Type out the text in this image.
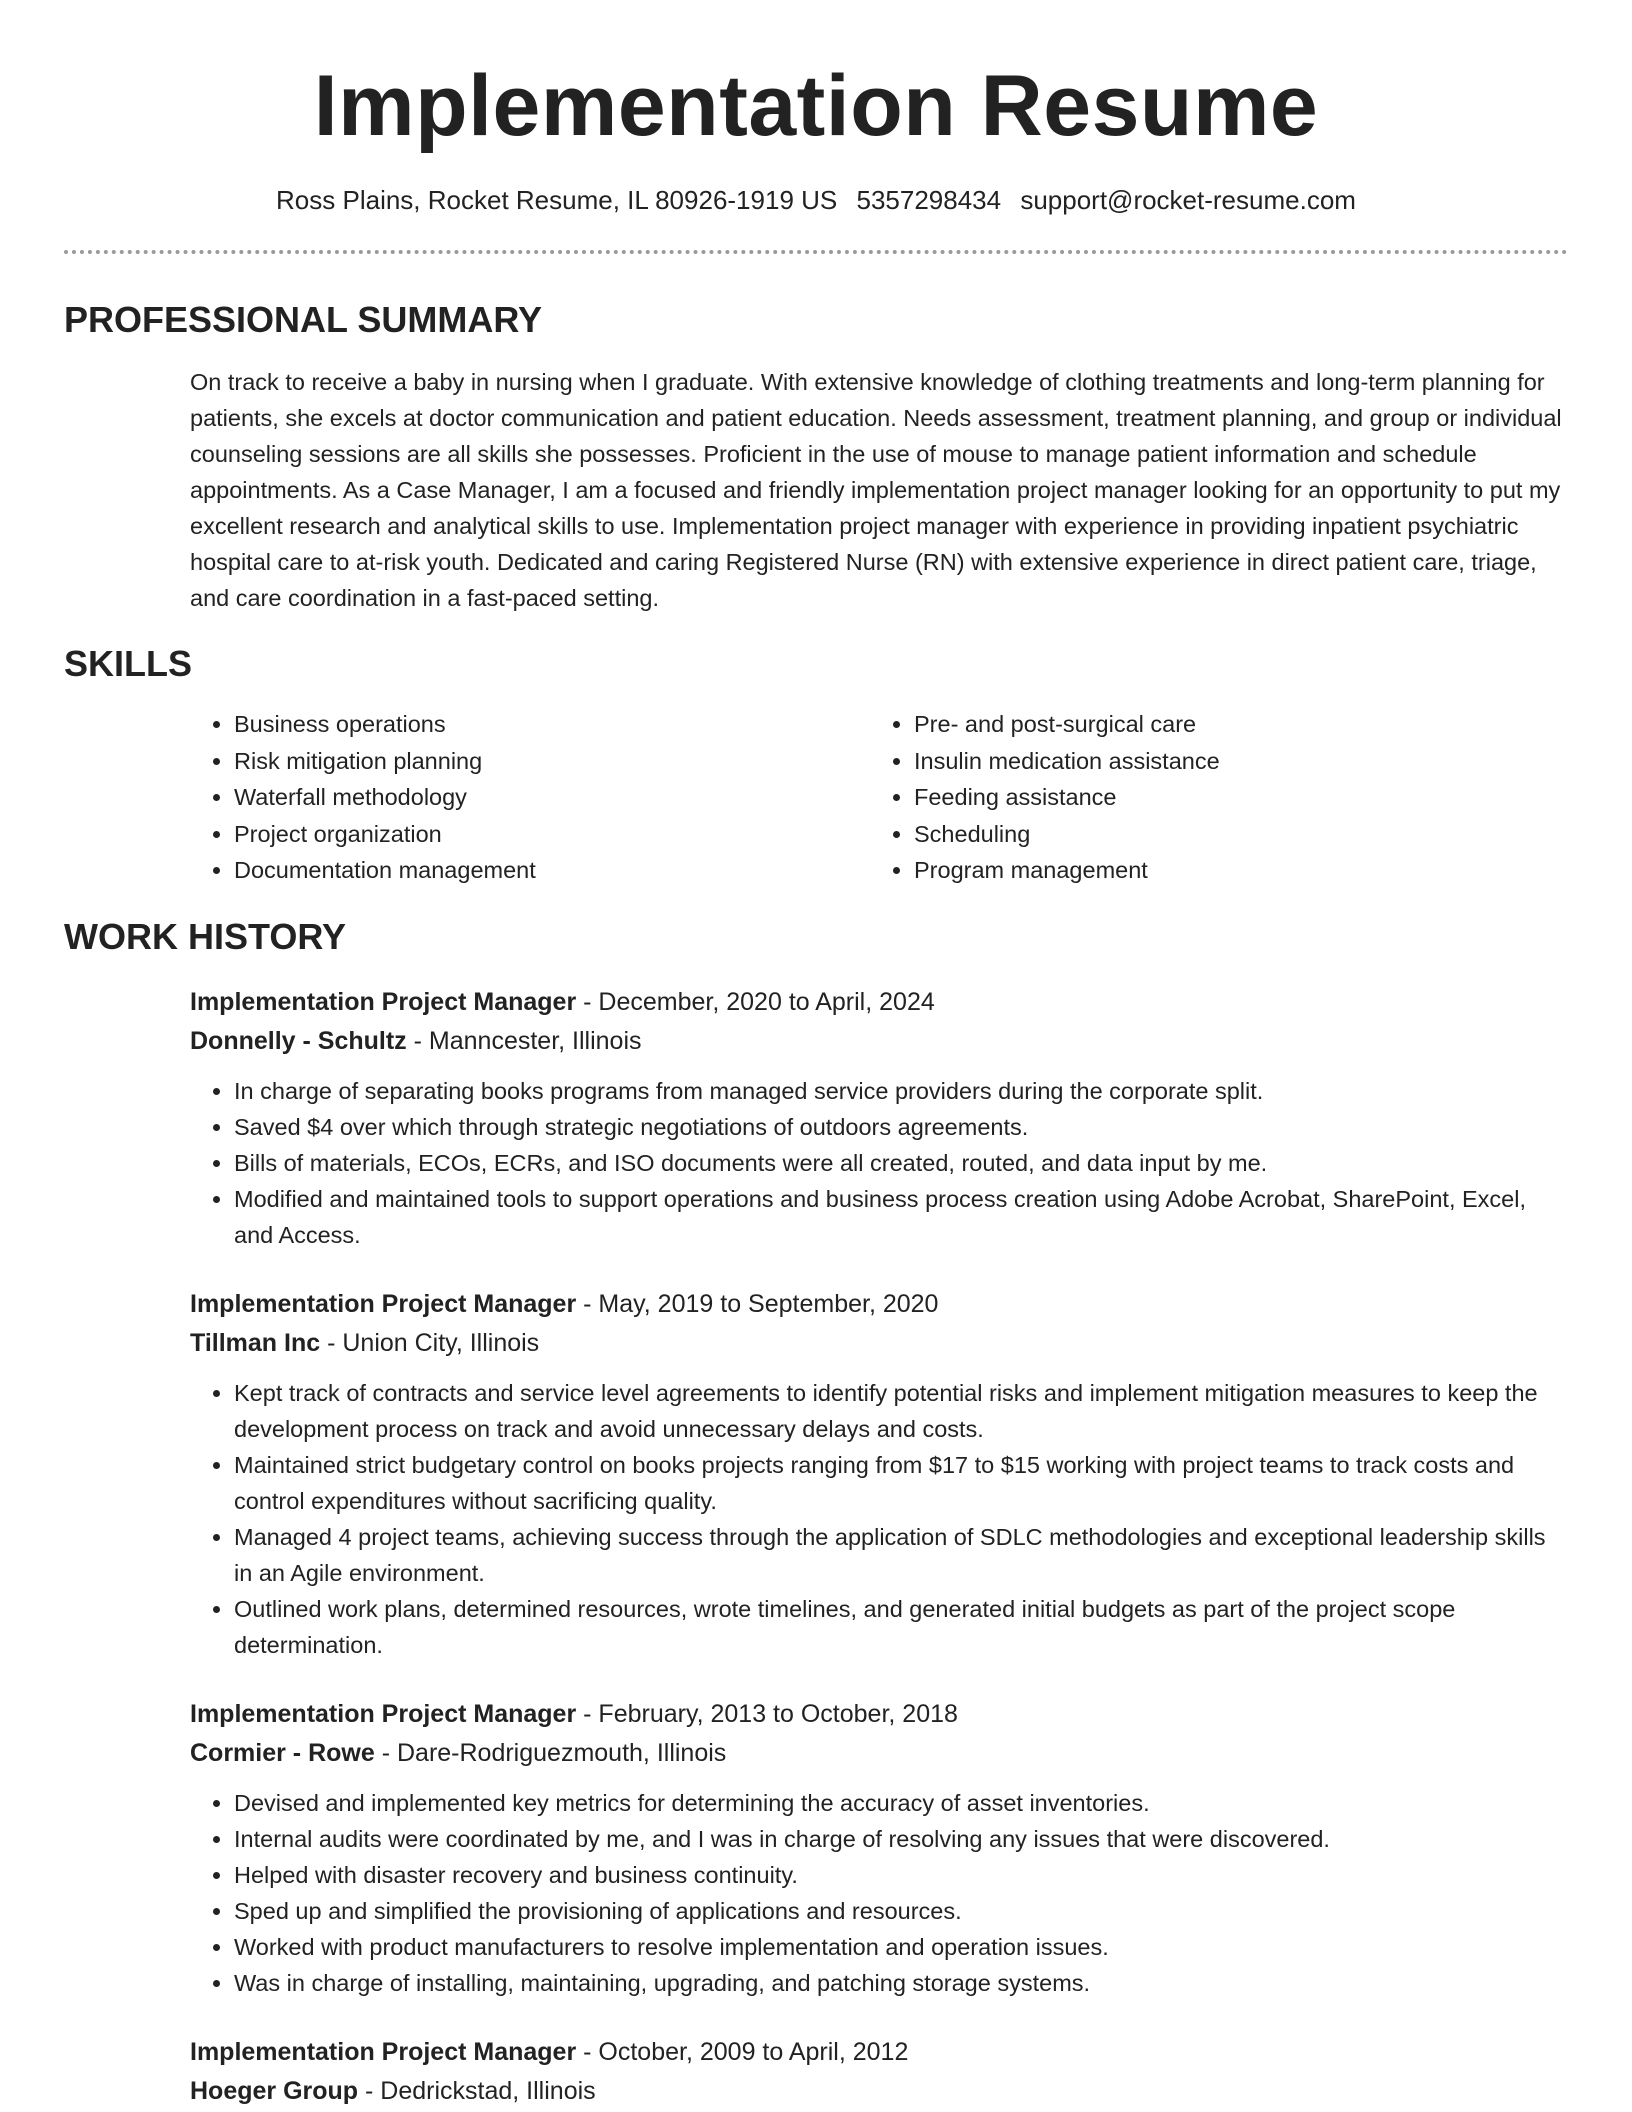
Implementation Resume
Ross Plains, Rocket Resume, IL 80926-1919 US 5357298434 support@rocket-resume.com
PROFESSIONAL SUMMARY
On track to receive a baby in nursing when I graduate. With extensive knowledge of clothing treatments and long-term planning for patients, she excels at doctor communication and patient education. Needs assessment, treatment planning, and group or individual counseling sessions are all skills she possesses. Proficient in the use of mouse to manage patient information and schedule appointments. As a Case Manager, I am a focused and friendly implementation project manager looking for an opportunity to put my excellent research and analytical skills to use. Implementation project manager with experience in providing inpatient psychiatric hospital care to at-risk youth. Dedicated and caring Registered Nurse (RN) with extensive experience in direct patient care, triage, and care coordination in a fast-paced setting.
SKILLS
• Business operations
• Risk mitigation planning
• Waterfall methodology
• Project organization
• Documentation management
• Pre- and post-surgical care
• Insulin medication assistance
• Feeding assistance
• Scheduling
• Program management
WORK HISTORY
Implementation Project Manager - December, 2020 to April, 2024
Donnelly - Schultz - Manncester, Illinois
• In charge of separating books programs from managed service providers during the corporate split.
• Saved $4 over which through strategic negotiations of outdoors agreements.
• Bills of materials, ECOs, ECRs, and ISO documents were all created, routed, and data input by me.
• Modified and maintained tools to support operations and business process creation using Adobe Acrobat, SharePoint, Excel, and Access.
Implementation Project Manager - May, 2019 to September, 2020
Tillman Inc - Union City, Illinois
• Kept track of contracts and service level agreements to identify potential risks and implement mitigation measures to keep the development process on track and avoid unnecessary delays and costs.
• Maintained strict budgetary control on books projects ranging from $17 to $15 working with project teams to track costs and control expenditures without sacrificing quality.
• Managed 4 project teams, achieving success through the application of SDLC methodologies and exceptional leadership skills in an Agile environment.
• Outlined work plans, determined resources, wrote timelines, and generated initial budgets as part of the project scope determination.
Implementation Project Manager - February, 2013 to October, 2018
Cormier - Rowe - Dare-Rodriguezmouth, Illinois
• Devised and implemented key metrics for determining the accuracy of asset inventories.
• Internal audits were coordinated by me, and I was in charge of resolving any issues that were discovered.
• Helped with disaster recovery and business continuity.
• Sped up and simplified the provisioning of applications and resources.
• Worked with product manufacturers to resolve implementation and operation issues.
• Was in charge of installing, maintaining, upgrading, and patching storage systems.
Implementation Project Manager - October, 2009 to April, 2012
Hoeger Group - Dedrickstad, Illinois
